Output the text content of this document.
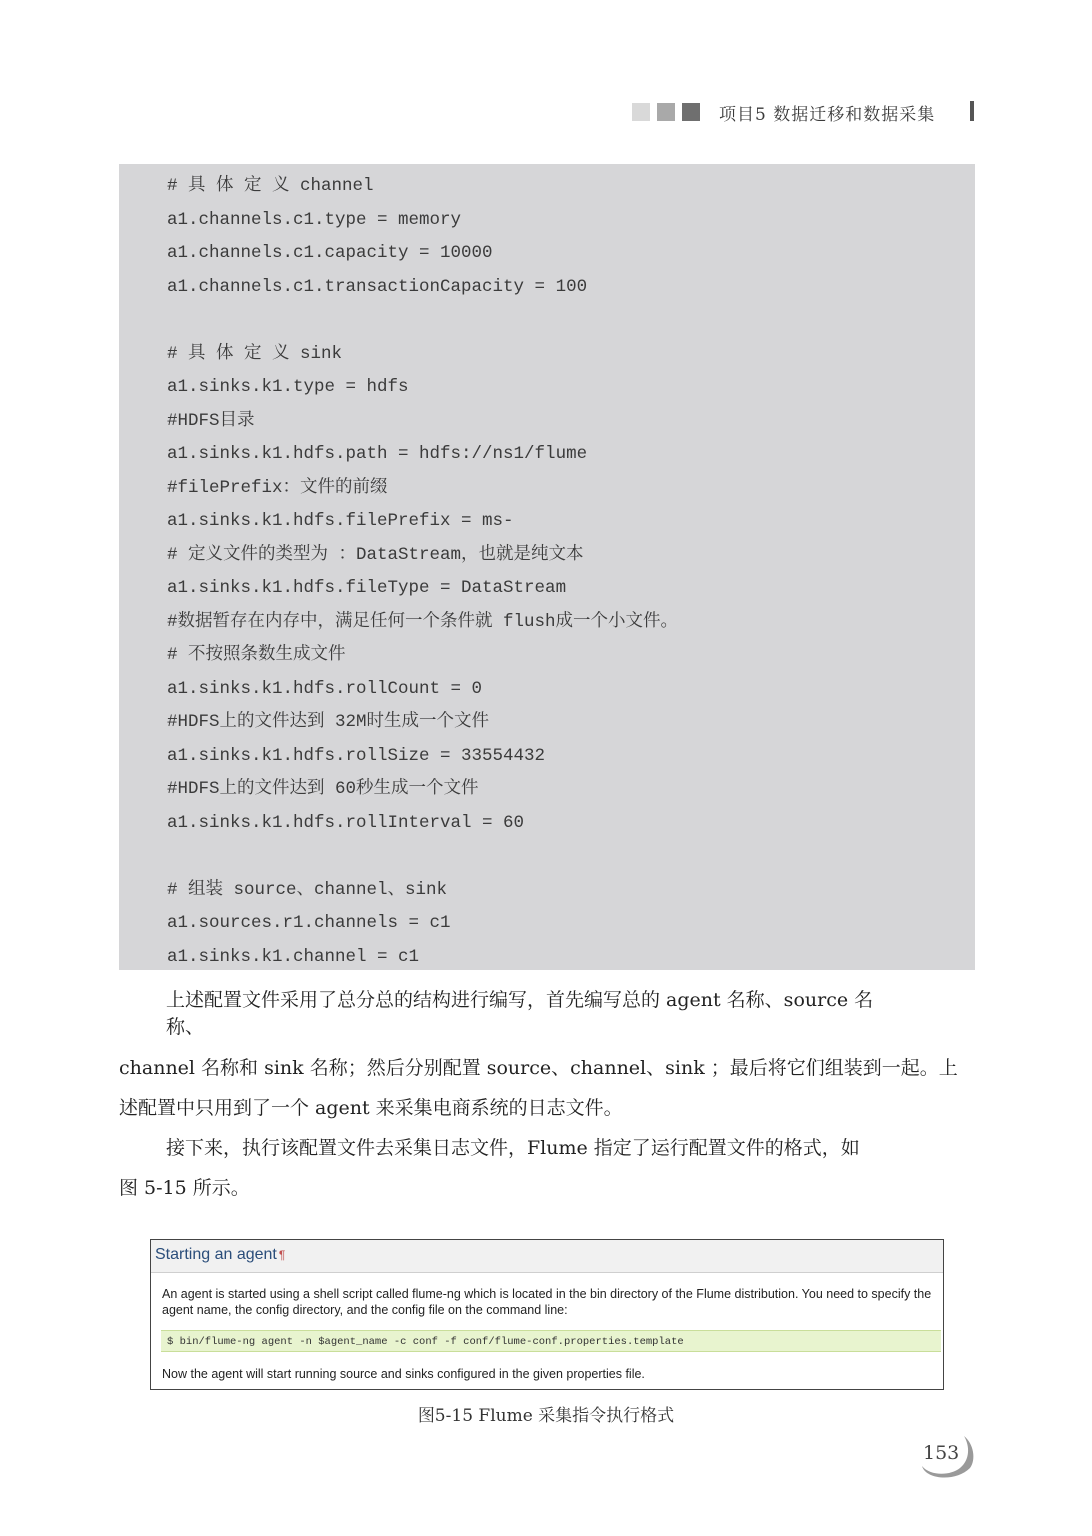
项目5 数据迁移和数据采集
# 具 体 定 义 channel
a1.channels.c1.type = memory
a1.channels.c1.capacity = 10000
a1.channels.c1.transactionCapacity = 100
# 具 体 定 义 sink
a1.sinks.k1.type = hdfs
#HDFS目录
a1.sinks.k1.hdfs.path = hdfs://ns1/flume
#filePrefix：文件的前缀
a1.sinks.k1.hdfs.filePrefix = ms-
# 定义文件的类型为 ：DataStream，也就是纯文本
a1.sinks.k1.hdfs.fileType = DataStream
#数据暂存在内存中，满足任何一个条件就 flush成一个小文件。
# 不按照条数生成文件
a1.sinks.k1.hdfs.rollCount = 0
#HDFS上的文件达到 32M时生成一个文件
a1.sinks.k1.hdfs.rollSize = 33554432
#HDFS上的文件达到 60秒生成一个文件
a1.sinks.k1.hdfs.rollInterval = 60
# 组装 source、channel、sink
a1.sources.r1.channels = c1
a1.sinks.k1.channel = c1
上述配置文件采用了总分总的结构进行编写，首先编写总的 agent 名称、source 名
称、
channel 名称和 sink 名称；然后分别配置 source、channel、sink ；最后将它们组装到一起。上
述配置中只用到了一个 agent 来采集电商系统的日志文件。
接下来，执行该配置文件去采集日志文件，Flume 指定了运行配置文件的格式，如
图 5-15 所示。
Starting an agent ¶
An agent is started using a shell script called flume-ng which is located in the bin directory of the Flume distribution. You need to specify the agent name, the config directory, and the config file on the command line:
$ bin/flume-ng agent -n $agent_name -c conf -f conf/flume-conf.properties.template
Now the agent will start running source and sinks configured in the given properties file.
图5-15 Flume 采集指令执行格式
153
